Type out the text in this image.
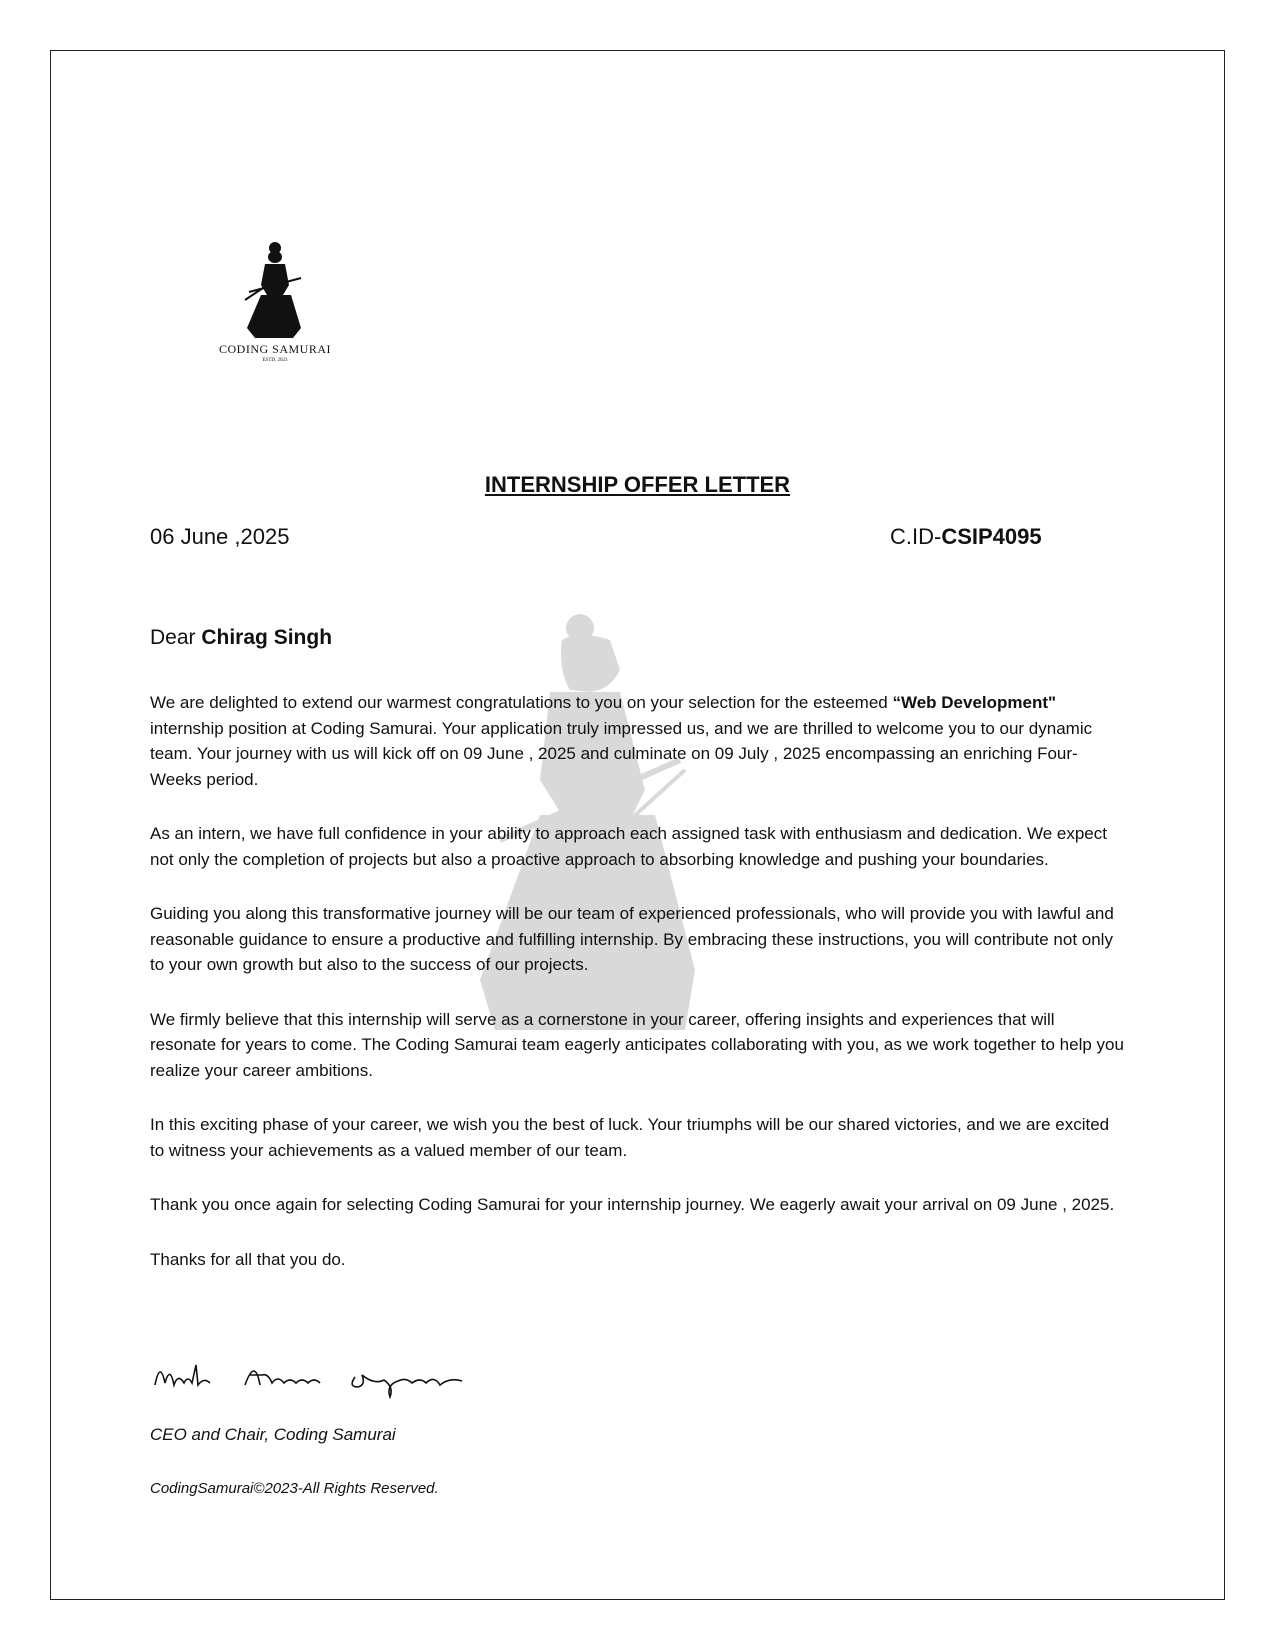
CODING SAMURAI
ESTD. 2023
INTERNSHIP OFFER LETTER
06 June ,2025	C.ID-CSIP4095
Dear Chirag Singh

We are delighted to extend our warmest congratulations to you on your selection for the esteemed “Web Development" internship position at Coding Samurai. Your application truly impressed us, and we are thrilled to welcome you to our dynamic team. Your journey with us will kick off on 09 June , 2025 and culminate on 09 July , 2025 encompassing an enriching Four-Weeks period.

As an intern, we have full confidence in your ability to approach each assigned task with enthusiasm and dedication. We expect not only the completion of projects but also a proactive approach to absorbing knowledge and pushing your boundaries.

Guiding you along this transformative journey will be our team of experienced professionals, who will provide you with lawful and reasonable guidance to ensure a productive and fulfilling internship. By embracing these instructions, you will contribute not only to your own growth but also to the success of our projects.

We firmly believe that this internship will serve as a cornerstone in your career, offering insights and experiences that will resonate for years to come. The Coding Samurai team eagerly anticipates collaborating with you, as we work together to help you realize your career ambitions.

In this exciting phase of your career, we wish you the best of luck. Your triumphs will be our shared victories, and we are excited to witness your achievements as a valued member of our team.

Thank you once again for selecting Coding Samurai for your internship journey. We eagerly await your arrival on 09 June , 2025.

Thanks for all that you do.

CEO and Chair, Coding Samurai
CodingSamurai©2023-All Rights Reserved.
